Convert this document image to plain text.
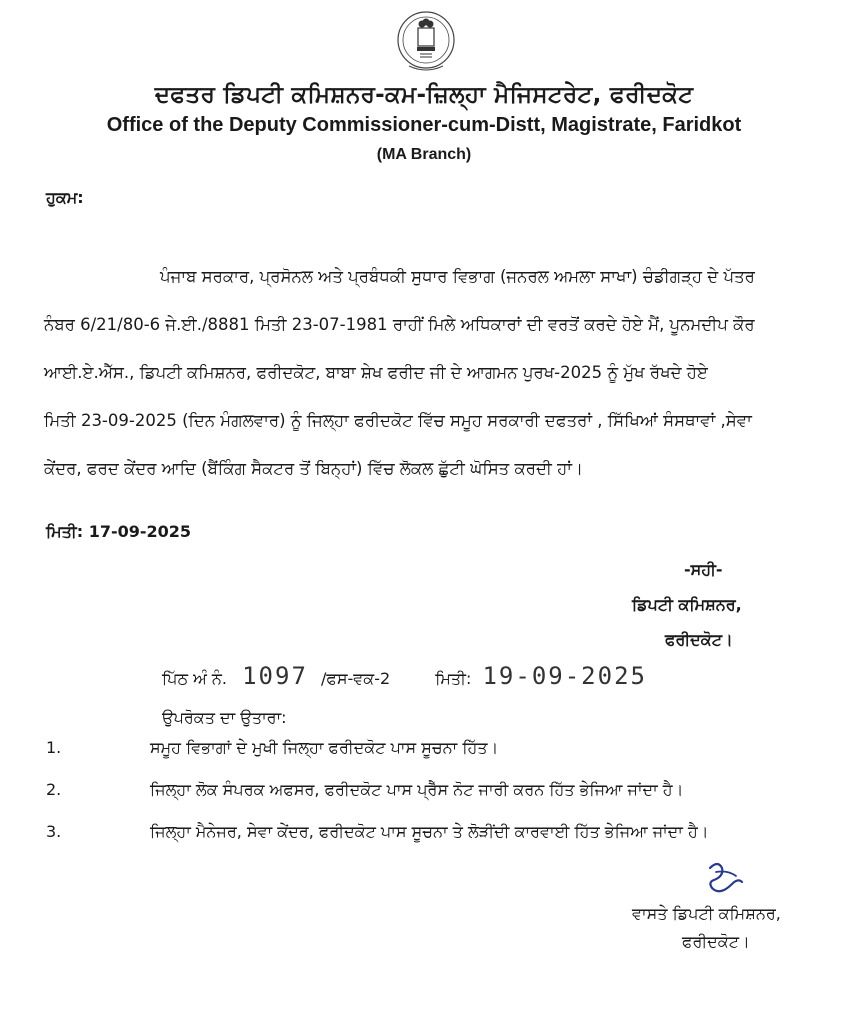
ਦਫਤਰ ਡਿਪਟੀ ਕਮਿਸ਼ਨਰ-ਕਮ-ਜ਼ਿਲ੍ਹਾ ਮੈਜਿਸਟਰੇਟ, ਫਰੀਦਕੋਟ
Office of the Deputy Commissioner-cum-Distt, Magistrate, Faridkot
(MA Branch)
ਹੁਕਮ:

ਪੰਜਾਬ ਸਰਕਾਰ, ਪ੍ਰਸੋਨਲ ਅਤੇ ਪ੍ਰਬੰਧਕੀ ਸੁਧਾਰ ਵਿਭਾਗ (ਜਨਰਲ ਅਮਲਾ ਸਾਖਾ) ਚੰਡੀਗੜ੍ਹ ਦੇ ਪੱਤਰ

ਨੰਬਰ 6/21/80-6 ਜੇ.ਈ./8881 ਮਿਤੀ 23-07-1981 ਰਾਹੀਂ ਮਿਲੇ ਅਧਿਕਾਰਾਂ ਦੀ ਵਰਤੋਂ ਕਰਦੇ ਹੋਏ ਮੈਂ, ਪੂਨਮਦੀਪ ਕੌਰ

ਆਈ.ਏ.ਐੱਸ., ਡਿਪਟੀ ਕਮਿਸ਼ਨਰ, ਫਰੀਦਕੋਟ, ਬਾਬਾ ਸ਼ੇਖ ਫਰੀਦ ਜੀ ਦੇ ਆਗਮਨ ਪੁਰਖ-2025 ਨੂੰ ਮੁੱਖ ਰੱਖਦੇ ਹੋਏ

ਮਿਤੀ 23-09-2025 (ਦਿਨ ਮੰਗਲਵਾਰ) ਨੂੰ ਜਿਲ੍ਹਾ ਫਰੀਦਕੋਟ ਵਿੱਚ ਸਮੂਹ ਸਰਕਾਰੀ ਦਫਤਰਾਂ , ਸਿੱਖਿਆਂ ਸੰਸਥਾਵਾਂ ,ਸੇਵਾ

ਕੇਂਦਰ, ਫਰਦ ਕੇਂਦਰ ਆਦਿ (ਬੈਂਕਿੰਗ ਸੈਕਟਰ ਤੋਂ ਬਿਨ੍ਹਾਂ) ਵਿੱਚ ਲੋਕਲ ਛੁੱਟੀ ਘੋਸਿਤ ਕਰਦੀ ਹਾਂ।

ਮਿਤੀ: 17-09-2025
-ਸਹੀ-
ਡਿਪਟੀ ਕਮਿਸ਼ਨਰ,
ਫਰੀਦਕੋਟ।
ਪਿੱਠ ਅੰ ਨੰ. 1097 /ਫਸ-ਵਕ-2	ਮਿਤੀ: 19-09-2025
ਉਪਰੋਕਤ ਦਾ ਉਤਾਰਾ:
1.	ਸਮੂਹ ਵਿਭਾਗਾਂ ਦੇ ਮੁਖੀ ਜਿਲ੍ਹਾ ਫਰੀਦਕੋਟ ਪਾਸ ਸੂਚਨਾ ਹਿੱਤ।
2.	ਜਿਲ੍ਹਾ ਲੋਕ ਸੰਪਰਕ ਅਫਸਰ, ਫਰੀਦਕੋਟ ਪਾਸ ਪ੍ਰੈੱਸ ਨੋਟ ਜਾਰੀ ਕਰਨ ਹਿੱਤ ਭੇਜਿਆ ਜਾਂਦਾ ਹੈ।
3.	ਜਿਲ੍ਹਾ ਮੈਨੇਜਰ, ਸੇਵਾ ਕੇਂਦਰ, ਫਰੀਦਕੋਟ ਪਾਸ ਸੂਚਨਾ ਤੇ ਲੋੜੀਂਦੀ ਕਾਰਵਾਈ ਹਿੱਤ ਭੇਜਿਆ ਜਾਂਦਾ ਹੈ।
ਵਾਸਤੇ ਡਿਪਟੀ ਕਮਿਸ਼ਨਰ,
ਫਰੀਦਕੋਟ।
